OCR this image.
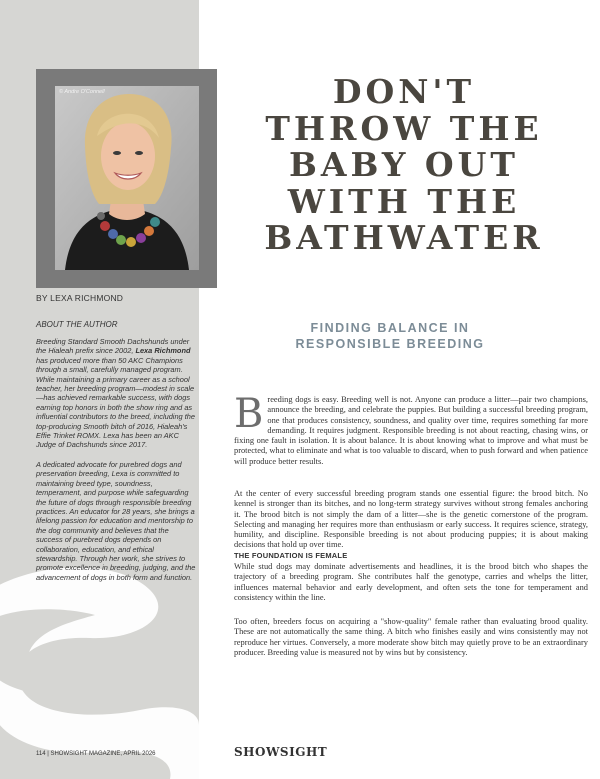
© Andre O'Connell
BY LEXA RICHMOND
ABOUT THE AUTHOR

Breeding Standard Smooth Dachshunds under the Hialeah prefix since 2002, Lexa Richmond has produced more than 50 AKC Champions through a small, carefully managed program. While maintaining a primary career as a school teacher, her breeding program—modest in scale—has achieved remarkable success, with dogs earning top honors in both the show ring and as influential contributors to the breed, including the top-producing Smooth bitch of 2016, Hialeah's Effie Trinket ROMX. Lexa has been an AKC Judge of Dachshunds since 2017.

A dedicated advocate for purebred dogs and preservation breeding, Lexa is committed to maintaining breed type, soundness, temperament, and purpose while safeguarding the future of dogs through responsible breeding practices. An educator for 28 years, she brings a lifelong passion for education and mentorship to the dog community and believes that the success of purebred dogs depends on collaboration, education, and ethical stewardship. Through her work, she strives to promote excellence in breeding, judging, and the advancement of dogs in both form and function.

DON'T
THROW THE
BABY OUT
WITH THE
BATHWATER
FINDING BALANCE IN
RESPONSIBLE BREEDING

Breeding dogs is easy. Breeding well is not. Anyone can produce a litter—pair two champions, announce the breeding, and celebrate the puppies. But building a successful breeding program, one that produces consistency, soundness, and quality over time, requires something far more demanding. It requires judgment. Responsible breeding is not about reacting, chasing wins, or fixing one fault in isolation. It is about balance. It is about knowing what to improve and what must be protected, what to eliminate and what is too valuable to discard, when to push forward and when patience will produce better results.

At the center of every successful breeding program stands one essential figure: the brood bitch. No kennel is stronger than its bitches, and no long-term strategy survives without strong females anchoring it. The brood bitch is not simply the dam of a litter—she is the genetic cornerstone of the program. Selecting and managing her requires more than enthusiasm or early success. It requires science, strategy, humility, and discipline. Responsible breeding is not about producing puppies; it is about making decisions that hold up over time.

THE FOUNDATION IS FEMALE

While stud dogs may dominate advertisements and headlines, it is the brood bitch who shapes the trajectory of a breeding program. She contributes half the genotype, carries and whelps the litter, influences maternal behavior and early development, and often sets the tone for temperament and consistency within the line.

Too often, breeders focus on acquiring a "show-quality" female rather than evaluating brood quality. These are not automatically the same thing. A bitch who finishes easily and wins consistently may not reproduce her virtues. Conversely, a more moderate show bitch may quietly prove to be an extraordinary producer. Breeding value is measured not by wins but by consistency.

114 | SHOWSIGHT MAGAZINE, APRIL 2026	SHOWSIGHT
